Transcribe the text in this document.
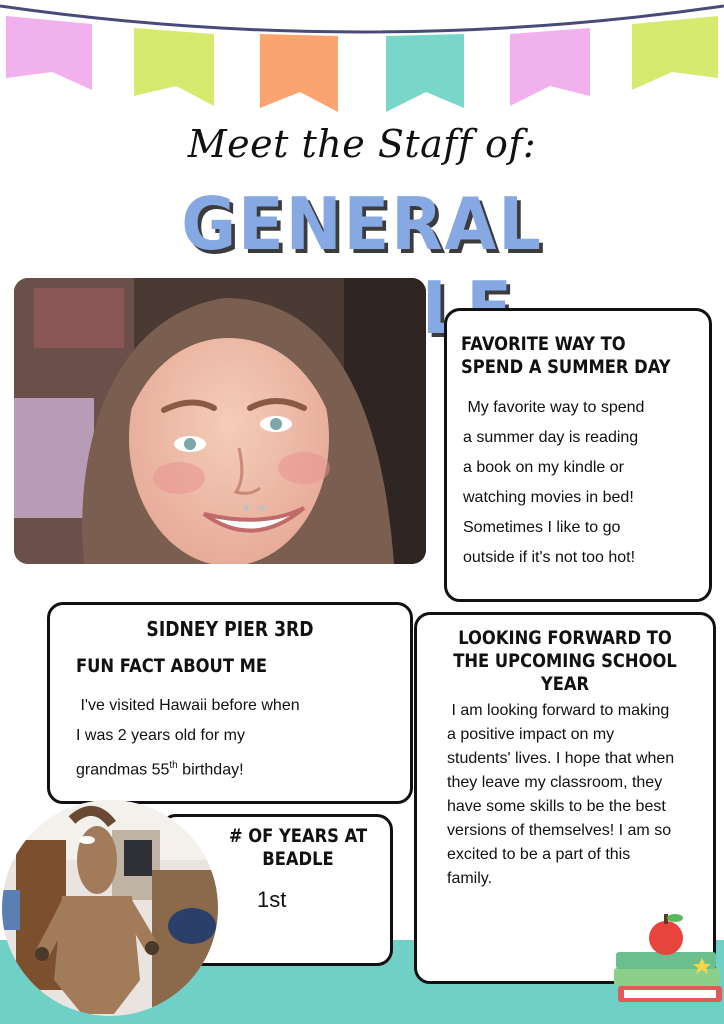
Meet the Staff of:
GENERAL
FAVORITE WAY TO
SPEND A SUMMER DAY
My favorite way to spend
a summer day is reading
a book on my kindle or
watching movies in bed!
Sometimes I like to go
outside if it's not too hot!
LOOKING FORWARD TO
THE UPCOMING SCHOOL
YEAR
I am looking forward to making
a positive impact on my
students' lives. I hope that when
they leave my classroom, they
have some skills to be the best
versions of themselves! I am so
excited to be a part of this
family.
SIDNEY PIER 3RD
FUN FACT ABOUT ME
I've visited Hawaii before when
I was 2 years old for my
grandmas 55th birthday!
# OF YEARS AT
BEADLE
1st
